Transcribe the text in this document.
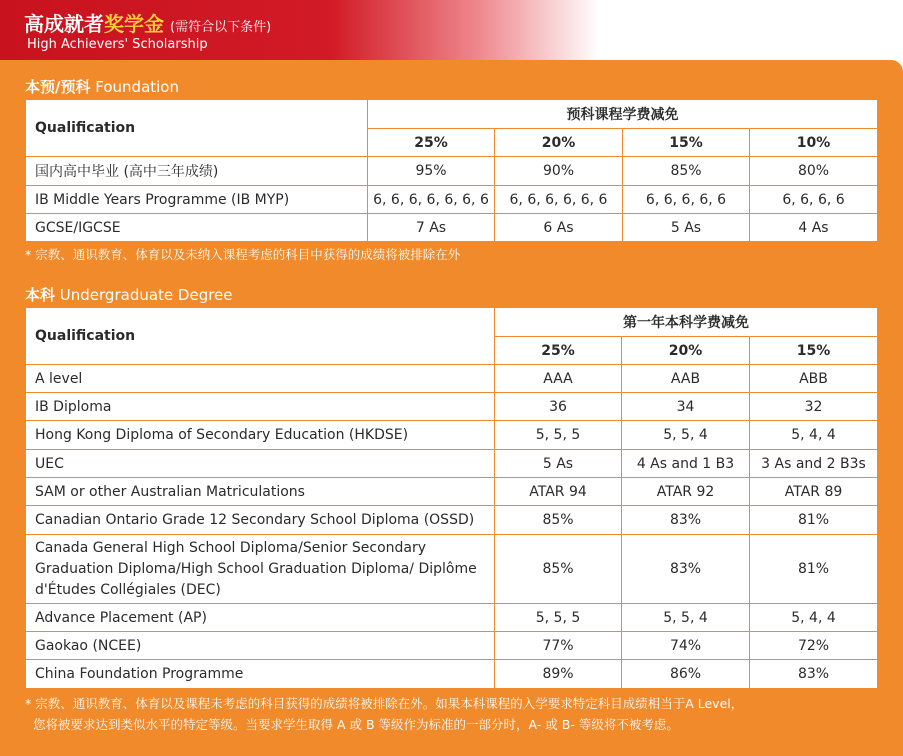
高成就者奖学金 (需符合以下条件)
High Achievers' Scholarship
本预/预科 Foundation
Qualification	预科课程学费减免			
	25%	20%	15%	10%
国内高中毕业 (高中三年成绩)	95%	90%	85%	80%
IB Middle Years Programme (IB MYP)	6, 6, 6, 6, 6, 6, 6	6, 6, 6, 6, 6, 6	6, 6, 6, 6, 6	6, 6, 6, 6
GCSE/IGCSE	7 As	6 As	5 As	4 As
* 宗教、通识教育、体育以及未纳入课程考虑的科目中获得的成绩将被排除在外
本科 Undergraduate Degree
Qualification	第一年本科学费减免		
	25%	20%	15%
A level	AAA	AAB	ABB
IB Diploma	36	34	32
Hong Kong Diploma of Secondary Education (HKDSE)	5, 5, 5	5, 5, 4	5, 4, 4
UEC	5 As	4 As and 1 B3	3 As and 2 B3s
SAM or other Australian Matriculations	ATAR 94	ATAR 92	ATAR 89
Canadian Ontario Grade 12 Secondary School Diploma (OSSD)	85%	83%	81%
Canada General High School Diploma/Senior Secondary Graduation Diploma/High School Graduation Diploma/ Diplôme d'Études Collégiales (DEC)	85%	83%	81%
Advance Placement (AP)	5, 5, 5	5, 5, 4	5, 4, 4
Gaokao (NCEE)	77%	74%	72%
China Foundation Programme	89%	86%	83%
* 宗教、通识教育、体育以及课程未考虑的科目获得的成绩将被排除在外。如果本科课程的入学要求特定科目成绩相当于A Level，
您将被要求达到类似水平的特定等级。当要求学生取得 A 或 B 等级作为标准的一部分时，A- 或 B- 等级将不被考虑。
